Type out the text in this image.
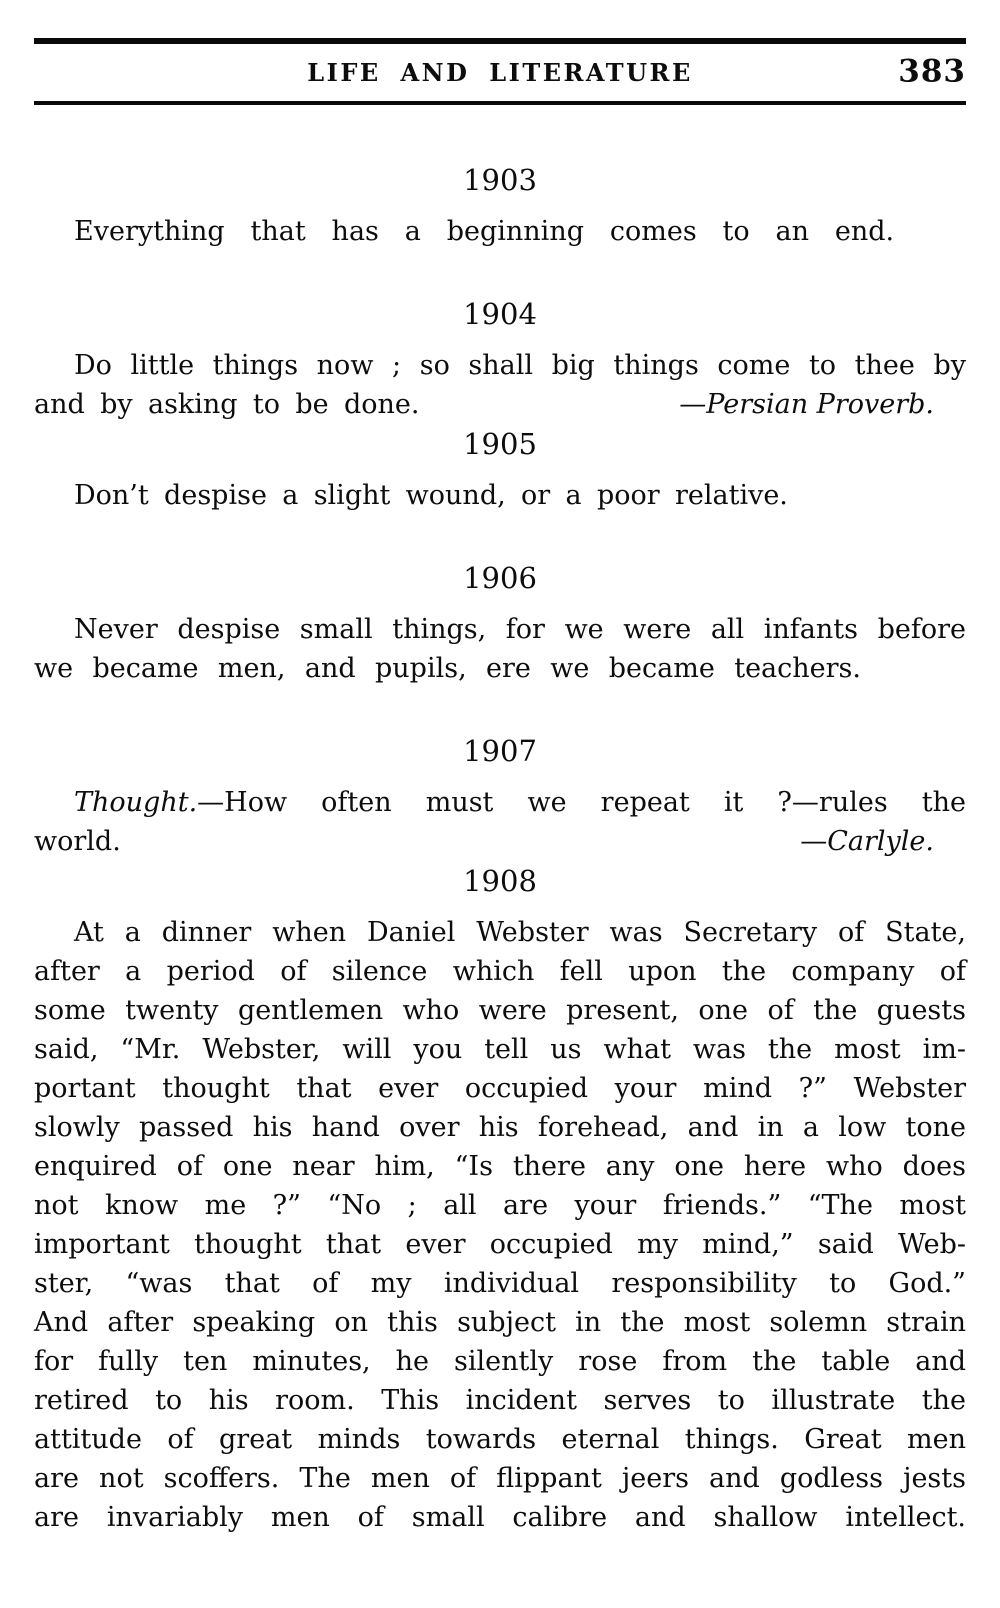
LIFE AND LITERATURE	383
1903

Everything that has a beginning comes to an end.

1904

Do little things now ; so shall big things come to thee by

and by asking to be done.	—Persian Proverb.
1905

Don’t despise a slight wound, or a poor relative.

1906

Never despise small things, for we were all infants before

we became men, and pupils, ere we became teachers.

1907

Thought.—How often must we repeat it ?—rules the

world.	—Carlyle.
1908
At a dinner when Daniel Webster was Secretary of State,
after a period of silence which fell upon the company of
some twenty gentlemen who were present, one of the guests
said, “Mr. Webster, will you tell us what was the most im-
portant thought that ever occupied your mind ?” Webster
slowly passed his hand over his forehead, and in a low tone
enquired of one near him, “Is there any one here who does
not know me ?” “No ; all are your friends.” “The most
important thought that ever occupied my mind,” said Web-
ster, “was that of my individual responsibility to God.”
And after speaking on this subject in the most solemn strain
for fully ten minutes, he silently rose from the table and
retired to his room. This incident serves to illustrate the
attitude of great minds towards eternal things. Great men
are not scoffers. The men of flippant jeers and godless jests
are invariably men of small calibre and shallow intellect.
